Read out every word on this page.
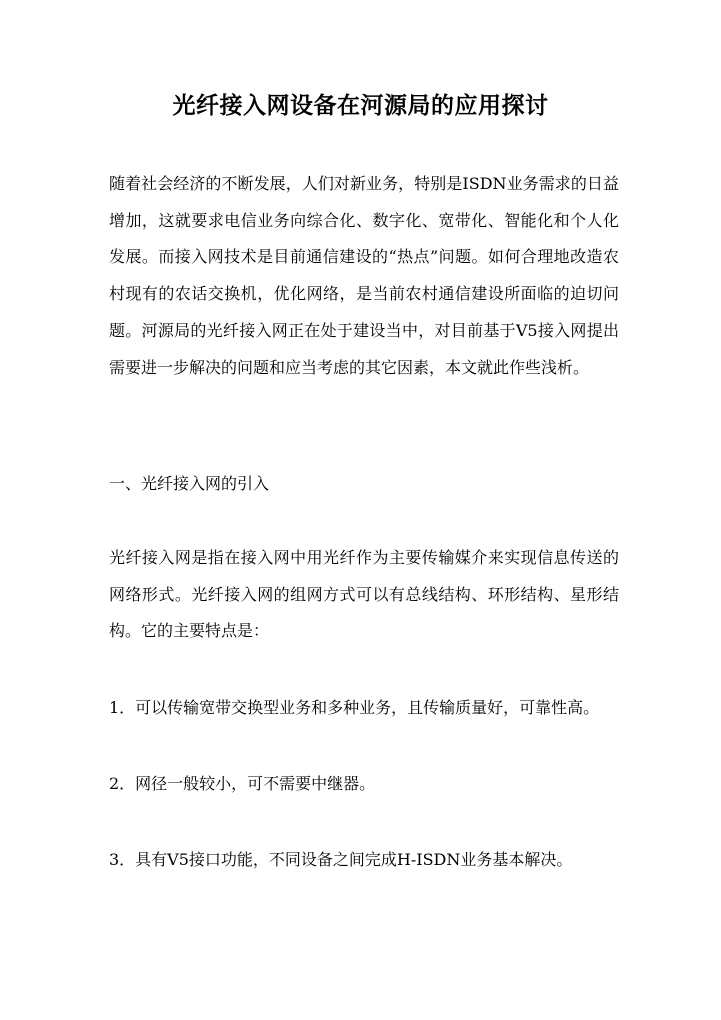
光纤接入网设备在河源局的应用探讨

随着社会经济的不断发展，人们对新业务，特别是ISDN业务需求的日益增加，这就要求电信业务向综合化、数字化、宽带化、智能化和个人化发展。而接入网技术是目前通信建设的“热点”问题。如何合理地改造农村现有的农话交换机，优化网络，是当前农村通信建设所面临的迫切问题。河源局的光纤接入网正在处于建设当中，对目前基于V5接入网提出需要进一步解决的问题和应当考虑的其它因素，本文就此作些浅析。

一、光纤接入网的引入

光纤接入网是指在接入网中用光纤作为主要传输媒介来实现信息传送的网络形式。光纤接入网的组网方式可以有总线结构、环形结构、星形结构。它的主要特点是：

1．可以传输宽带交换型业务和多种业务，且传输质量好，可靠性高。

2．网径一般较小，可不需要中继器。

3．具有V5接口功能，不同设备之间完成H-ISDN业务基本解决。
